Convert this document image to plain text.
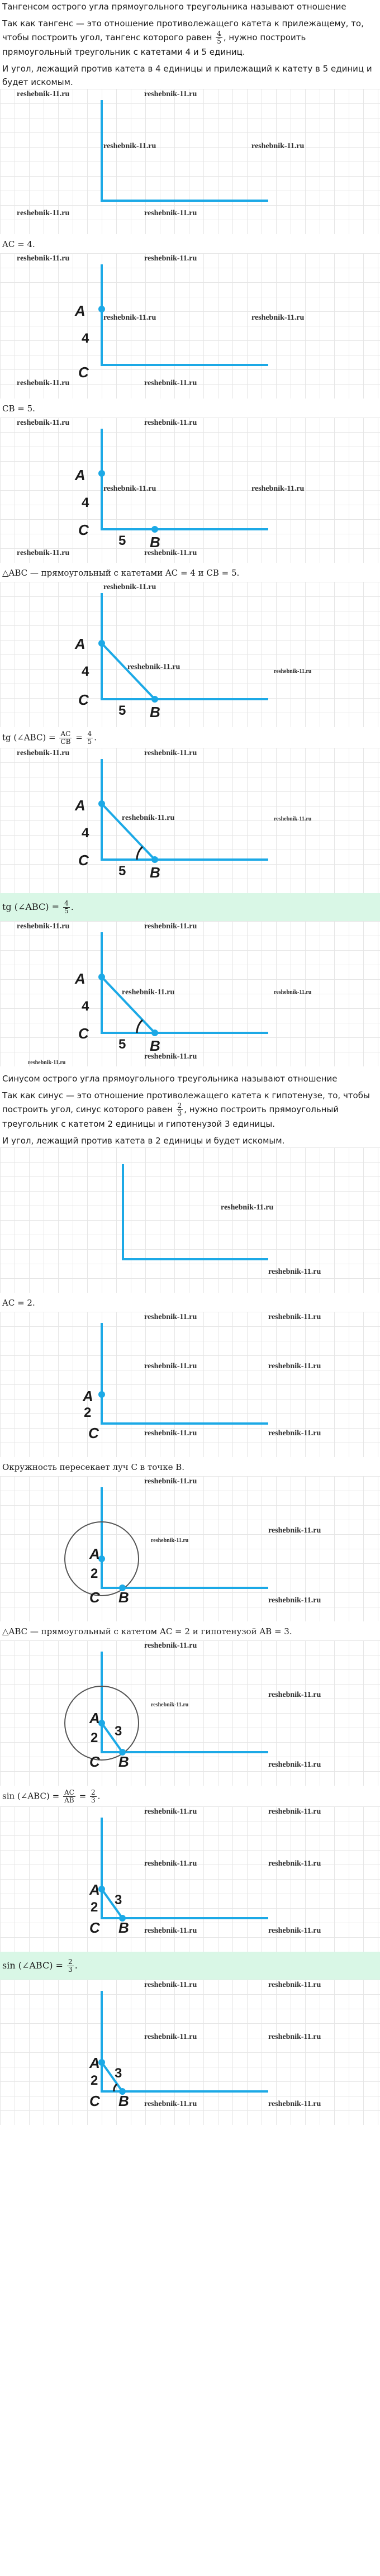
Тангенсом острого угла прямоугольного треугольника называют отношение

Так как тангенс — это отношение противолежащего катета к прилежащему, то, чтобы построить угол, тангенс которого равен $\frac{4}{5}$ , нужно построить прямоугольный треугольник с катетами 4 и 5 единиц.

И угол, лежащий против катета в 4 единицы и прилежащий к катету в 5 единиц и будет искомым.

reshebnik-11.ru	reshebnik-11.ru
reshebnik-11.ru	reshebnik-11.ru
reshebnik-11.ru	reshebnik-11.ru

AC = 4.

A
4
C
reshebnik-11.ru	reshebnik-11.ru
reshebnik-11.ru	reshebnik-11.ru
reshebnik-11.ru	reshebnik-11.ru

CB = 5.

A
4
C
5 B
reshebnik-11.ru	reshebnik-11.ru
reshebnik-11.ru	reshebnik-11.ru
reshebnik-11.ru	reshebnik-11.ru

△ABC — прямоугольный с катетами AC = 4 и CB = 5.

A
4
C
5 B
reshebnik-11.ru
reshebnik-11.ru
reshebnik-11.ru

tg (∠ABC) = $\frac{AC}{CB} = \frac{4}{5}$ .

A
4
C
5 B
reshebnik-11.ru	reshebnik-11.ru
reshebnik-11.ru	reshebnik-11.ru
tg (∠ABC) = $\frac{4}{5}$ .
A
4
C
5 B
reshebnik-11.ru	reshebnik-11.ru
reshebnik-11.ru	reshebnik-11.ru
reshebnik-11.ru
reshebnik-11.ru

Синусом острого угла прямоугольного треугольника называют отношение

Так как синус — это отношение противолежащего катета к гипотенузе, то, чтобы построить угол, синус которого равен $\frac{2}{3}$ , нужно построить прямоугольный треугольник с катетом 2 единицы и гипотенузой 3 единицы.

И угол, лежащий против катета в 2 единицы и будет искомым.

reshebnik-11.ru
reshebnik-11.ru

AC = 2.

A
2
C
reshebnik-11.ru	reshebnik-11.ru
reshebnik-11.ru	reshebnik-11.ru
reshebnik-11.ru	reshebnik-11.ru

Окружность пересекает луч C в точке B.

A
2
C B
reshebnik-11.ru
reshebnik-11.ru
reshebnik-11.ru
reshebnik-11.ru

△ABC — прямоугольный с катетом AC = 2 и гипотенузой AB = 3.

A
2 3
C B
reshebnik-11.ru
reshebnik-11.ru
reshebnik-11.ru
reshebnik-11.ru

sin (∠ABC) = $\frac{AC}{AB} = \frac{2}{3}$ .

A
2 3
C B
reshebnik-11.ru	reshebnik-11.ru
reshebnik-11.ru	reshebnik-11.ru
reshebnik-11.ru	reshebnik-11.ru
sin (∠ABC) = $\frac{2}{3}$ .
A
2 3
C B
reshebnik-11.ru	reshebnik-11.ru
reshebnik-11.ru	reshebnik-11.ru
reshebnik-11.ru	reshebnik-11.ru
